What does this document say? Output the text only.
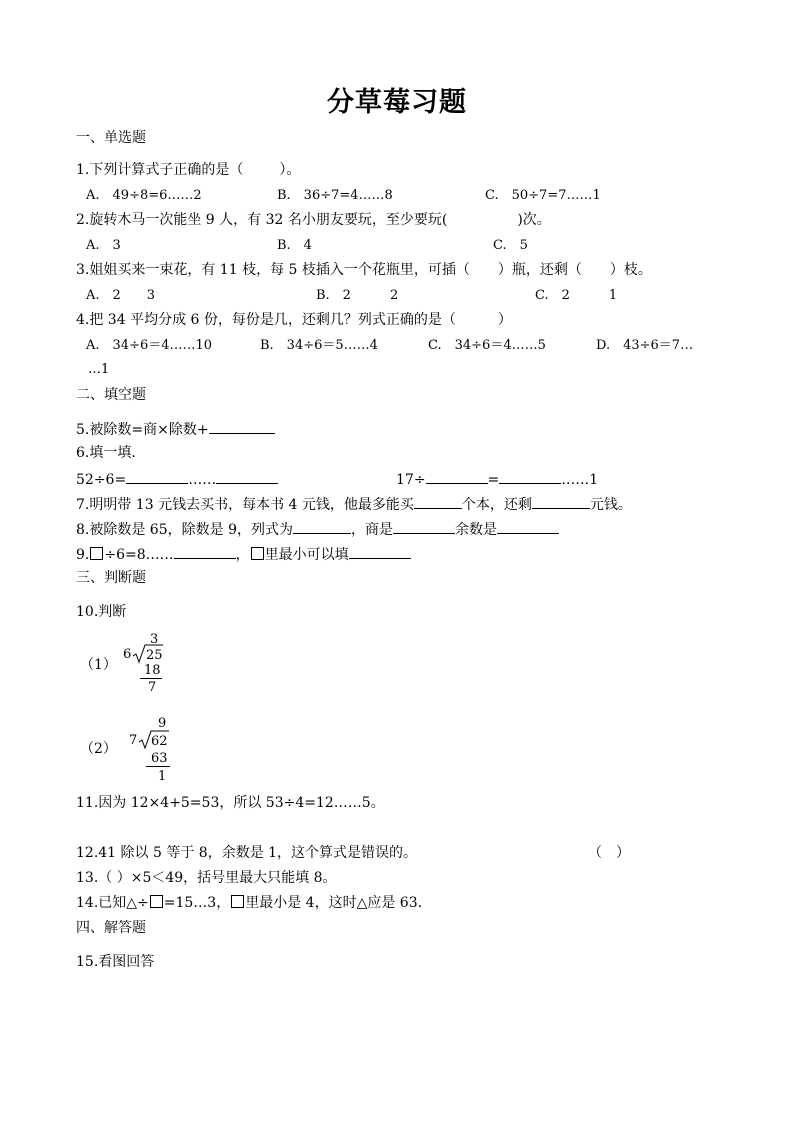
分草莓习题
一、单选题
1.下列计算式子正确的是（	）。
A.　49÷8=6……2	B.　36÷7=4……8	C.　50÷7=7……1
2.旋转木马一次能坐 9 人，有 32 名小朋友要玩，至少要玩(	)次。
A.　3	B.　4	C.　5
3.姐姐买来一束花，有 11 枝，每 5 枝插入一个花瓶里，可插（　　）瓶，还剩（　　）枝。
A.　2　　3	B.　2　　　2	C.　2　　　1
4.把 34 平均分成 6 份，每份是几，还剩几？列式正确的是（	）
A.　34÷6＝4……10	B.　34÷6＝5……4	C.　34÷6＝4……5	D.　43÷6＝7…
…1
二、填空题
5.被除数=商×除数+
6.填一填.
52÷6=	……	17÷	=	……1
7.明明带 13 元钱去买书，每本书 4 元钱，他最多能买	个本，还剩	元钱。
8.被除数是 65，除数是 9，列式为	，商是	余数是
9. ÷6=8……	， 里最小可以填
三、判断题
10.判断
（1）
3
6 25
18
7
（2）
9
7 62
63
1
11.因为 12×4+5=53，所以 53÷4=12……5。
12.41 除以 5 等于 8，余数是 1，这个算式是错误的。	（　）
13.（ ）×5＜49，括号里最大只能填 8。
14.已知△÷ =15…3， 里最小是 4，这时△应是 63.
四、解答题
15.看图回答
